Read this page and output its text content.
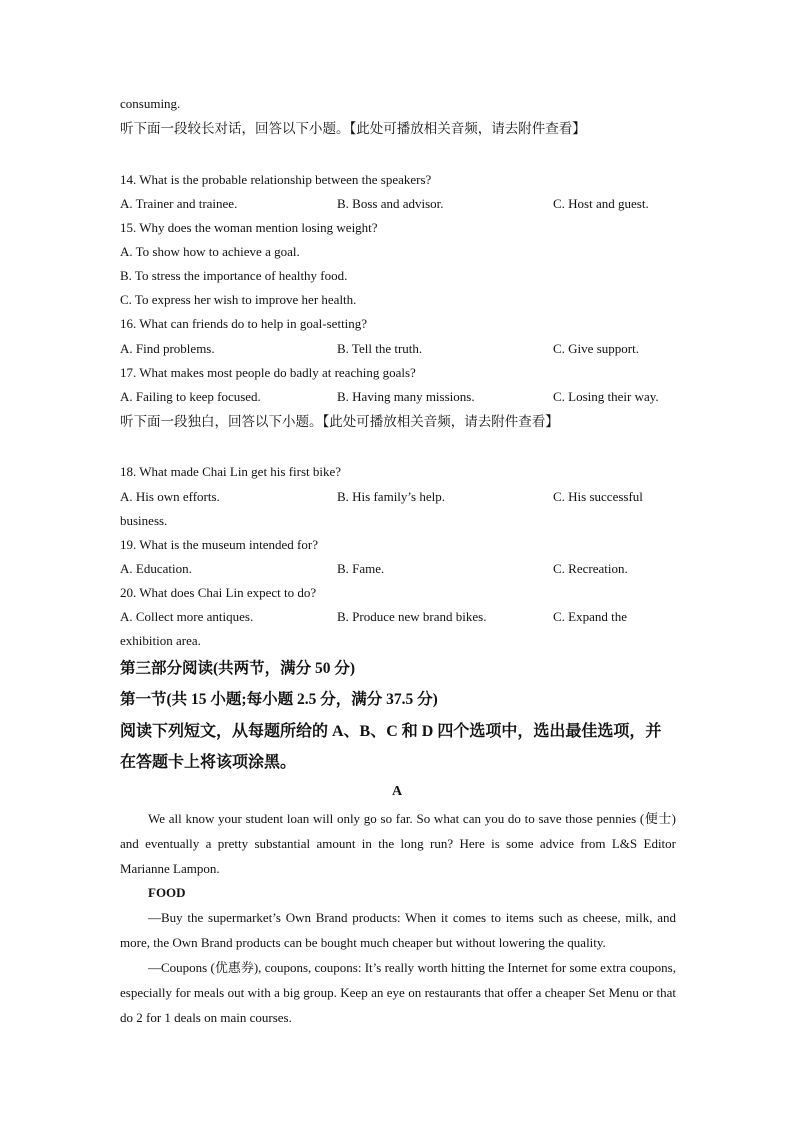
consuming.
听下面一段较长对话，回答以下小题。【此处可播放相关音频，请去附件查看】
14. What is the probable relationship between the speakers?
A. Trainer and trainee.	B. Boss and advisor.	C. Host and guest.
15. Why does the woman mention losing weight?
A. To show how to achieve a goal.
B. To stress the importance of healthy food.
C. To express her wish to improve her health.
16. What can friends do to help in goal-setting?
A. Find problems.	B. Tell the truth.	C. Give support.
17. What makes most people do badly at reaching goals?
A. Failing to keep focused.	B. Having many missions.	C. Losing their way.
听下面一段独白，回答以下小题。【此处可播放相关音频，请去附件查看】
18. What made Chai Lin get his first bike?
A. His own efforts.	B. His family’s help.	C. His successful
business.
19. What is the museum intended for?
A. Education.	B. Fame.	C. Recreation.
20. What does Chai Lin expect to do?
A. Collect more antiques.	B. Produce new brand bikes.	C. Expand the
exhibition area.
第三部分阅读(共两节，满分 50 分)
第一节(共 15 小题;每小题 2.5 分，满分 37.5 分)
阅读下列短文，从每题所给的 A、B、C 和 D 四个选项中，选出最佳选项，并
在答题卡上将该项涂黑。
A
We all know your student loan will only go so far. So what can you do to save those pennies (便士) and eventually a pretty substantial amount in the long run? Here is some advice from L&S Editor Marianne Lampon.
FOOD
—Buy the supermarket’s Own Brand products: When it comes to items such as cheese, milk, and more, the Own Brand products can be bought much cheaper but without lowering the quality.
—Coupons (优惠券), coupons, coupons: It’s really worth hitting the Internet for some extra coupons, especially for meals out with a big group. Keep an eye on restaurants that offer a cheaper Set Menu or that do 2 for 1 deals on main courses.
